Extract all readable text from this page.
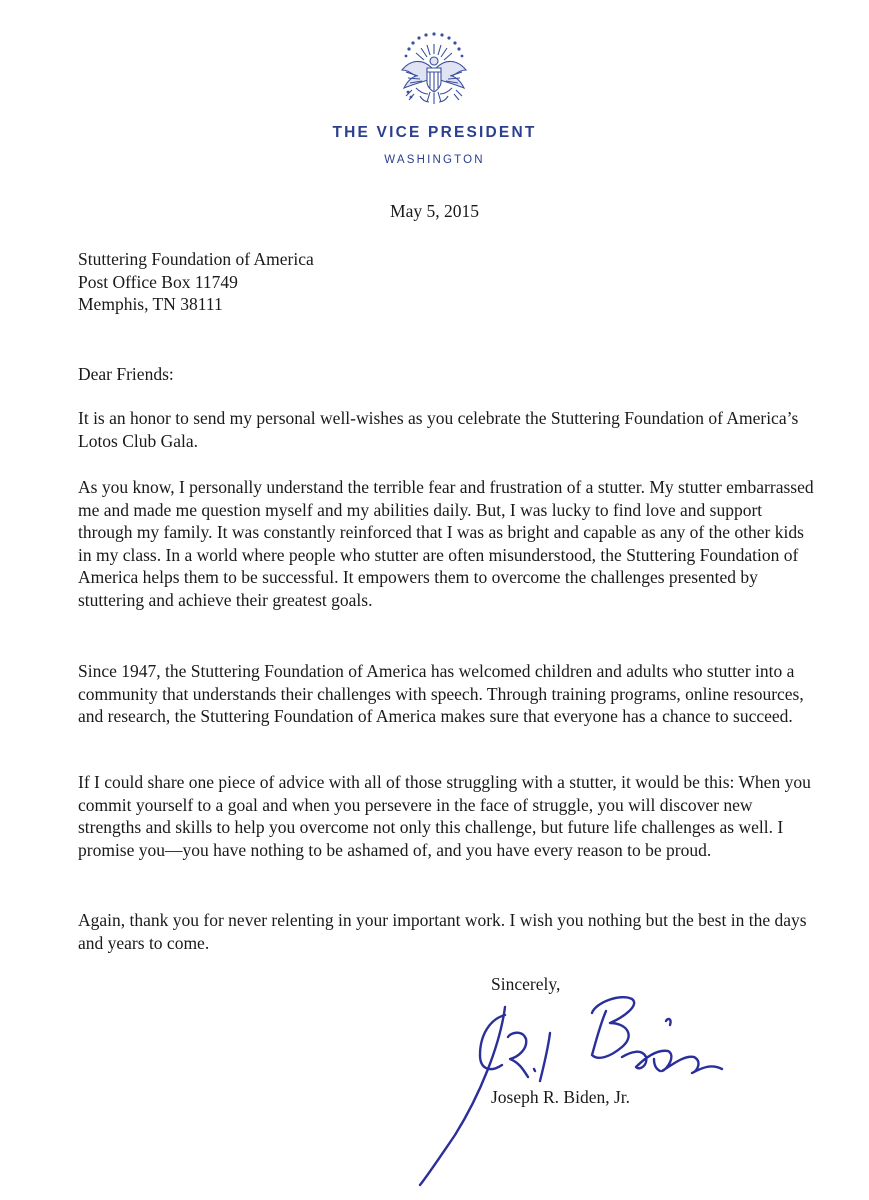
THE VICE PRESIDENT
WASHINGTON
May 5, 2015
Stuttering Foundation of America
Post Office Box 11749
Memphis, TN 38111

Dear Friends:

It is an honor to send my personal well-wishes as you celebrate the Stuttering Foundation of America’s Lotos Club Gala.

As you know, I personally understand the terrible fear and frustration of a stutter. My stutter embarrassed me and made me question myself and my abilities daily. But, I was lucky to find love and support through my family. It was constantly reinforced that I was as bright and capable as any of the other kids in my class. In a world where people who stutter are often misunderstood, the Stuttering Foundation of America helps them to be successful. It empowers them to overcome the challenges presented by stuttering and achieve their greatest goals.

Since 1947, the Stuttering Foundation of America has welcomed children and adults who stutter into a community that understands their challenges with speech. Through training programs, online resources, and research, the Stuttering Foundation of America makes sure that everyone has a chance to succeed.

If I could share one piece of advice with all of those struggling with a stutter, it would be this: When you commit yourself to a goal and when you persevere in the face of struggle, you will discover new strengths and skills to help you overcome not only this challenge, but future life challenges as well. I promise you—you have nothing to be ashamed of, and you have every reason to be proud.

Again, thank you for never relenting in your important work. I wish you nothing but the best in the days and years to come.

Sincerely,
Joseph R. Biden, Jr.
